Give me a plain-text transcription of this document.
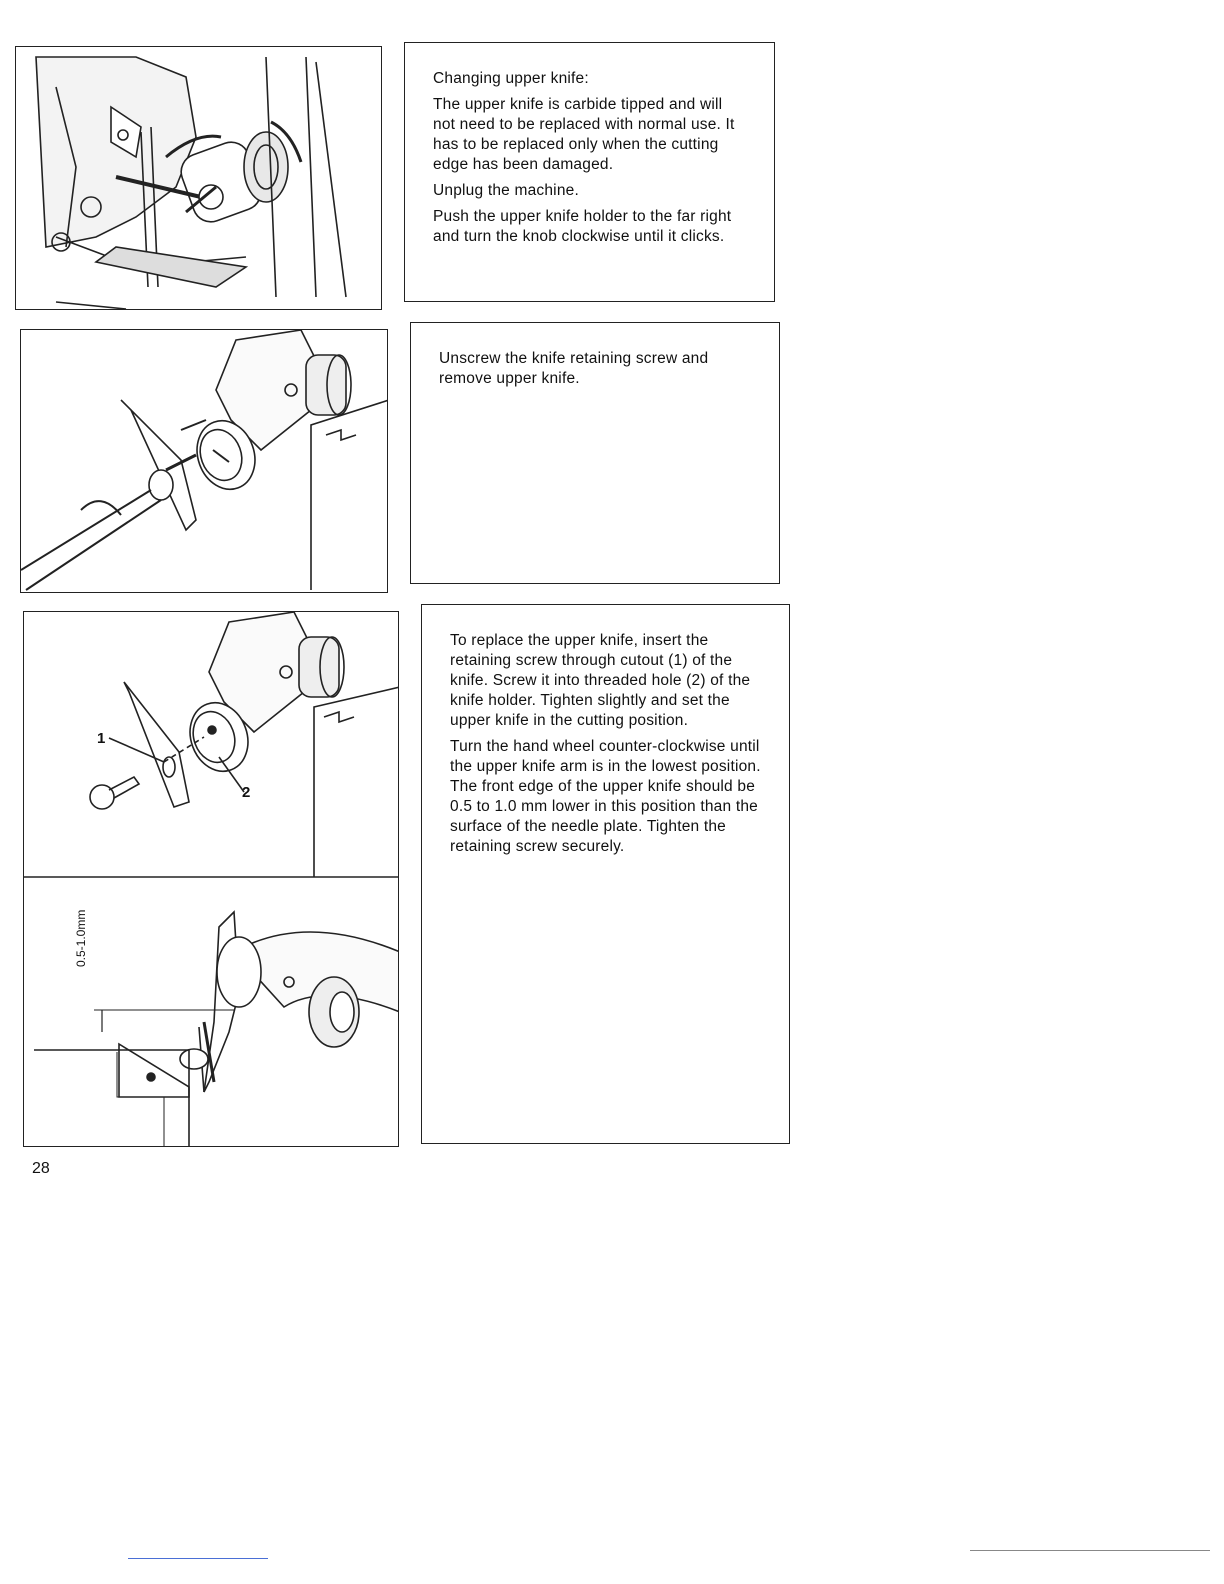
Changing upper knife:

The upper knife is carbide tipped and will not need to be replaced with normal use. It has to be replaced only when the cutting edge has been damaged.

Unplug the machine.

Push the upper knife holder to the far right and turn the knob clockwise until it clicks.

Unscrew the knife retaining screw and remove upper knife.

1
2
0.5-1.0mm

To replace the upper knife, insert the retaining screw through cutout (1) of the knife. Screw it into threaded hole (2) of the knife holder. Tighten slightly and set the upper knife in the cutting position.

Turn the hand wheel counter-clockwise until the upper knife arm is in the lowest position. The front edge of the upper knife should be 0.5 to 1.0 mm lower in this position than the surface of the needle plate. Tighten the retaining screw securely.

28
